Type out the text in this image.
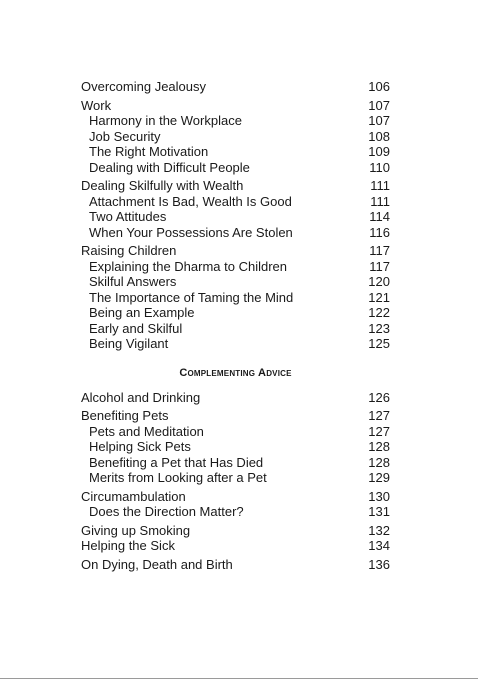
Overcoming Jealousy	106
Work	107
Harmony in the Workplace	107
Job Security	108
The Right Motivation	109
Dealing with Difficult People	110
Dealing Skilfully with Wealth	111
Attachment Is Bad, Wealth Is Good	111
Two Attitudes	114
When Your Possessions Are Stolen	116
Raising Children	117
Explaining the Dharma to Children	117
Skilful Answers	120
The Importance of Taming the Mind	121
Being an Example	122
Early and Skilful	123
Being Vigilant	125
Complementing Advice
Alcohol and Drinking	126
Benefiting Pets	127
Pets and Meditation	127
Helping Sick Pets	128
Benefiting a Pet that Has Died	128
Merits from Looking after a Pet	129
Circumambulation	130
Does the Direction Matter?	131
Giving up Smoking	132
Helping the Sick	134
On Dying, Death and Birth	136
